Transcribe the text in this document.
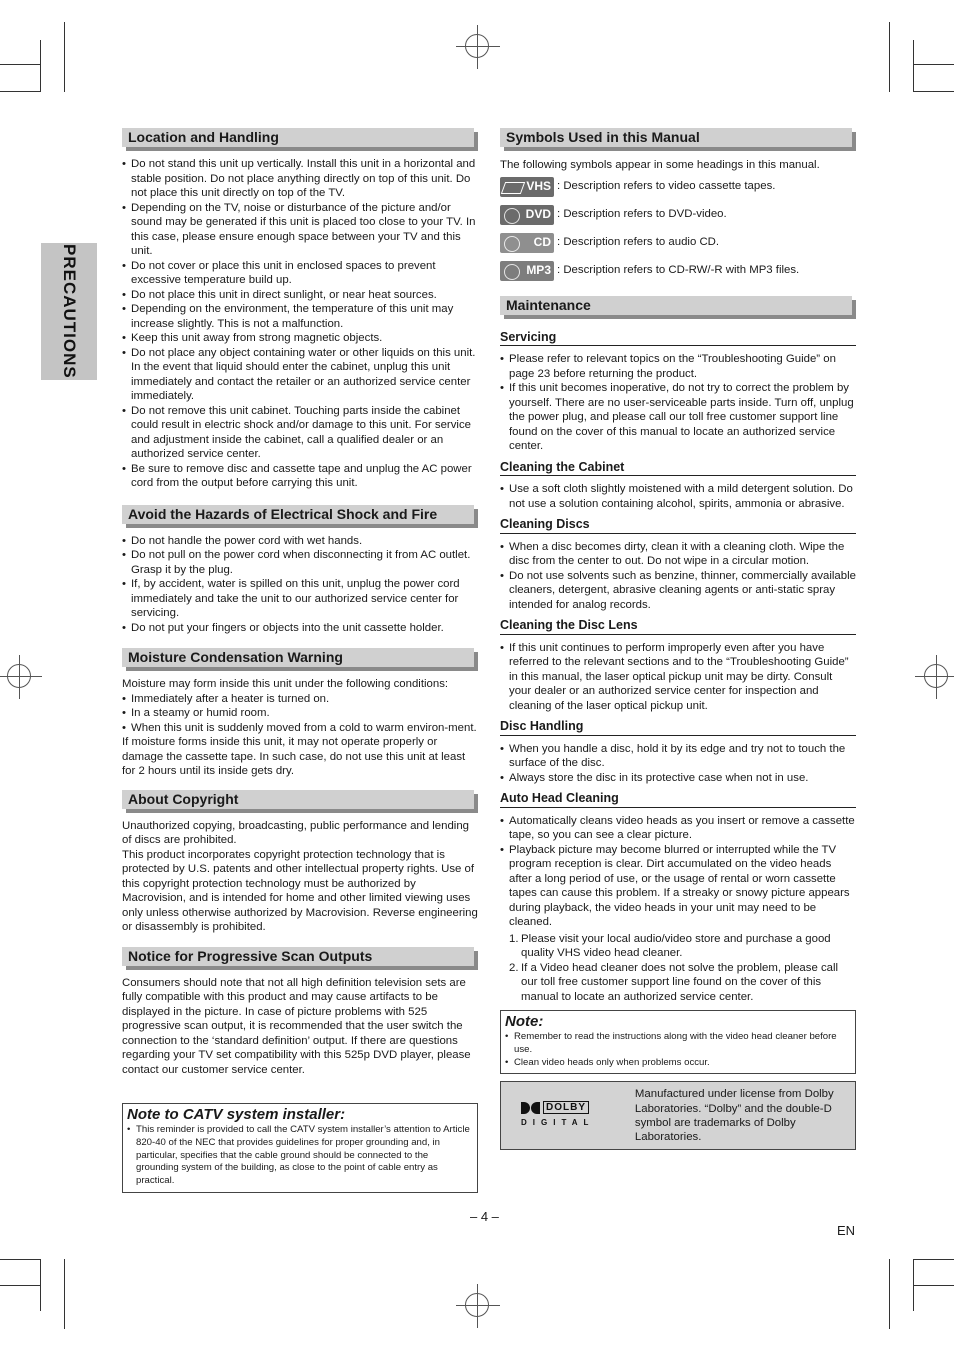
PRECAUTIONS
Location and Handling
• Do not stand this unit up vertically. Install this unit in a horizontal and stable position. Do not place anything directly on top of this unit. Do not place this unit directly on top of the TV.
• Depending on the TV, noise or disturbance of the picture and/or sound may be generated if this unit is placed too close to your TV. In this case, please ensure enough space between your TV and this unit.
• Do not cover or place this unit in enclosed spaces to prevent excessive temperature build up.
• Do not place this unit in direct sunlight, or near heat sources.
• Depending on the environment, the temperature of this unit may increase slightly. This is not a malfunction.
• Keep this unit away from strong magnetic objects.
• Do not place any object containing water or other liquids on this unit. In the event that liquid should enter the cabinet, unplug this unit immediately and contact the retailer or an authorized service center immediately.
• Do not remove this unit cabinet. Touching parts inside the cabinet could result in electric shock and/or damage to this unit. For service and adjustment inside the cabinet, call a qualified dealer or an authorized service center.
• Be sure to remove disc and cassette tape and unplug the AC power cord from the output before carrying this unit.
Avoid the Hazards of Electrical Shock and Fire
• Do not handle the power cord with wet hands.
• Do not pull on the power cord when disconnecting it from AC outlet. Grasp it by the plug.
• If, by accident, water is spilled on this unit, unplug the power cord immediately and take the unit to our authorized service center for servicing.
• Do not put your fingers or objects into the unit cassette holder.
Moisture Condensation Warning

Moisture may form inside this unit under the following conditions:

• Immediately after a heater is turned on.
• In a steamy or humid room.
• When this unit is suddenly moved from a cold to warm environ-ment.

If moisture forms inside this unit, it may not operate properly or damage the cassette tape. In such case, do not use this unit at least for 2 hours until its inside gets dry.

About Copyright

Unauthorized copying, broadcasting, public performance and lending of discs are prohibited.

This product incorporates copyright protection technology that is protected by U.S. patents and other intellectual property rights. Use of this copyright protection technology must be authorized by Macrovision, and is intended for home and other limited viewing uses only unless otherwise authorized by Macrovision. Reverse engineering or disassembly is prohibited.

Notice for Progressive Scan Outputs

Consumers should note that not all high definition television sets are fully compatible with this product and may cause artifacts to be displayed in the picture. In case of picture problems with 525 progressive scan output, it is recommended that the user switch the connection to the ‘standard definition’ output. If there are questions regarding your TV set compatibility with this 525p DVD player, please contact our customer service center.

Note to CATV system installer:
• This reminder is provided to call the CATV system installer’s attention to Article 820-40 of the NEC that provides guidelines for proper grounding and, in particular, specifies that the cable ground should be connected to the grounding system of the building, as close to the point of cable entry as practical.
Symbols Used in this Manual

The following symbols appear in some headings in this manual.

VHS : Description refers to video cassette tapes.
DVD : Description refers to DVD-video.
CD : Description refers to audio CD.
MP3 : Description refers to CD-RW/-R with MP3 files.
Maintenance
Servicing
• Please refer to relevant topics on the “Troubleshooting Guide” on page 23 before returning the product.
• If this unit becomes inoperative, do not try to correct the problem by yourself. There are no user-serviceable parts inside. Turn off, unplug the power plug, and please call our toll free customer support line found on the cover of this manual to locate an authorized service center.
Cleaning the Cabinet
• Use a soft cloth slightly moistened with a mild detergent solution. Do not use a solution containing alcohol, spirits, ammonia or abrasive.
Cleaning Discs
• When a disc becomes dirty, clean it with a cleaning cloth. Wipe the disc from the center to out. Do not wipe in a circular motion.
• Do not use solvents such as benzine, thinner, commercially available cleaners, detergent, abrasive cleaning agents or anti-static spray intended for analog records.
Cleaning the Disc Lens
• If this unit continues to perform improperly even after you have referred to the relevant sections and to the “Troubleshooting Guide” in this manual, the laser optical pickup unit may be dirty. Consult your dealer or an authorized service center for inspection and cleaning of the laser optical pickup unit.
Disc Handling
• When you handle a disc, hold it by its edge and try not to touch the surface of the disc.
• Always store the disc in its protective case when not in use.
Auto Head Cleaning
• Automatically cleans video heads as you insert or remove a cassette tape, so you can see a clear picture.
• Playback picture may become blurred or interrupted while the TV program reception is clear. Dirt accumulated on the video heads after a long period of use, or the usage of rental or worn cassette tapes can cause this problem. If a streaky or snowy picture appears during playback, the video heads in your unit may need to be cleaned.
1. Please visit your local audio/video store and purchase a good quality VHS video head cleaner.
2. If a Video head cleaner does not solve the problem, please call our toll free customer support line found on the cover of this manual to locate an authorized service center.
Note:
• Remember to read the instructions along with the video head cleaner before use.
• Clean video heads only when problems occur.
DOLBY
DIGITAL
Manufactured under license from Dolby Laboratories. “Dolby” and the double-D symbol are trademarks of Dolby Laboratories.
– 4 –
EN
